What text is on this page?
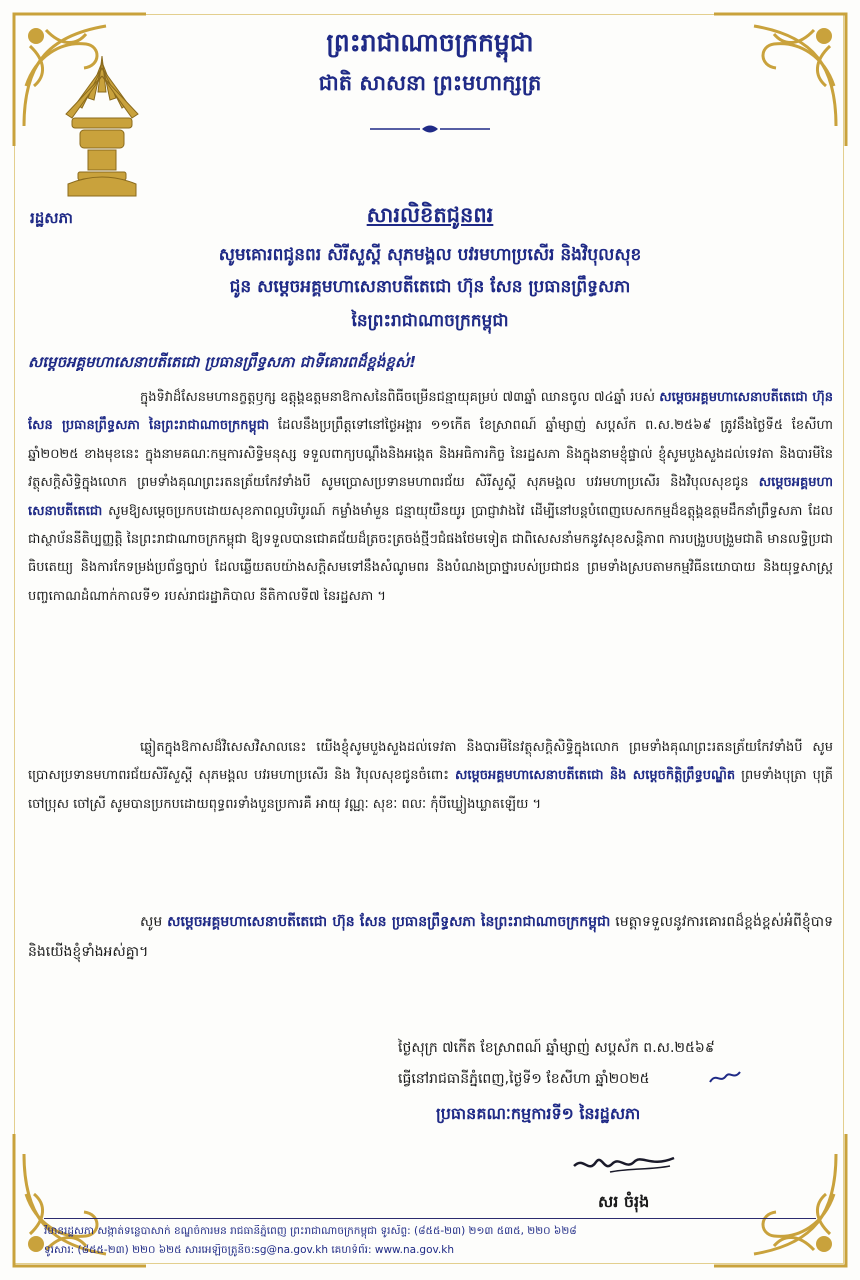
ព្រះរាជាណាចក្រកម្ពុជា
ជាតិ សាសនា ព្រះមហាក្សត្រ
រដ្ឋសភា	សារលិខិតជូនពរ
សូមគោរពជូនពរ សិរីសួស្តី សុភមង្គល បវរមហាប្រសើរ និងវិបុលសុខ
ជូន សម្តេចអគ្គមហាសេនាបតីតេជោ ហ៊ុន សែន ប្រធានព្រឹទ្ធសភា
នៃព្រះរាជាណាចក្រកម្ពុជា
សម្តេចអគ្គមហាសេនាបតីតេជោ ប្រធានព្រឹទ្ធសភា ជាទីគោរពដ៏ខ្ពង់ខ្ពស់!
ក្នុងទិវាដ៏សែនមហានក្ខត្តឫក្ស ឧត្តុង្គឧត្តមនាឱកាសនៃពិធីចម្រើនជន្មាយុគម្រប់ ៧៣ឆ្នាំ ឈានចូល ៧៤ឆ្នាំ របស់ សម្តេចអគ្គមហាសេនាបតីតេជោ ហ៊ុន សែន ប្រធានព្រឹទ្ធសភា នៃព្រះរាជាណាចក្រកម្ពុជា ដែលនឹងប្រព្រឹត្តទៅនៅថ្ងៃអង្គារ ១១កើត ខែស្រាពណ៍ ឆ្នាំម្សាញ់ សប្តស័ក ព.ស.២៥៦៩ ត្រូវនឹងថ្ងៃទី៥ ខែសីហា ឆ្នាំ២០២៥ ខាងមុខនេះ ក្នុងនាមគណៈកម្មការសិទ្ធិមនុស្ស ទទួលពាក្យបណ្តឹងនិងអង្កេត និងអធិការកិច្ច នៃរដ្ឋសភា និងក្នុងនាមខ្ញុំផ្ទាល់ ខ្ញុំសូមបួងសួងដល់ទេវតា និងបារមីនៃវត្ថុសក្តិសិទ្ធិក្នុងលោក ព្រមទាំងគុណព្រះរតនត្រ័យកែវទាំងបី សូមប្រោសប្រទានមហាពរជ័យ សិរីសួស្តី សុភមង្គល បវរមហាប្រសើរ និងវិបុលសុខជូន សម្តេចអគ្គមហាសេនាបតីតេជោ សូមឱ្យសម្តេចប្រកបដោយសុខភាពល្អបរិបូរណ៍ កម្លាំងមាំមួន ជន្មាយុយឺនយូរ ប្រាជ្ញាវាងវៃ ដើម្បីនៅបន្តបំពេញបេសកកម្មដ៏ឧត្តុង្គឧត្តមដឹកនាំព្រឹទ្ធសភា ដែលជាស្ថាប័ននីតិប្បញ្ញត្តិ នៃព្រះរាជាណាចក្រកម្ពុជា ឱ្យទទួលបានជោគជ័យដ៏ត្រចះត្រចង់ថ្មីៗជំផងថែមទៀត ជាពិសេសនាំមកនូវសុខសន្តិភាព ការបង្រួបបង្រួមជាតិ មានលទ្ធិប្រជាធិបតេយ្យ និងការកែទម្រង់ប្រព័ន្ធច្បាប់ ដែលឆ្លើយតបយ៉ាងសក្តិសមទៅនឹងសំណូមពរ និងបំណងប្រាថ្នារបស់ប្រជាជន ព្រមទាំងស្របតាមកម្មវិធីនយោបាយ និងយុទ្ធសាស្ត្របញ្ចកោណដំណាក់កាលទី១ របស់រាជរដ្ឋាភិបាល នីតិកាលទី៧ នៃរដ្ឋសភា ។
ឆ្លៀតក្នុងឱកាសដ៏វិសេសវិសាលនេះ យើងខ្ញុំសូមបួងសួងដល់ទេវតា និងបារមីនៃវត្ថុសក្តិសិទ្ធិក្នុងលោក ព្រមទាំងគុណព្រះរតនត្រ័យកែវទាំងបី សូមប្រោសប្រទានមហាពរជ័យសិរីសួស្តី សុភមង្គល បវរមហាប្រសើរ និង វិបុលសុខជូនចំពោះ សម្តេចអគ្គមហាសេនាបតីតេជោ និង សម្តេចកិត្តិព្រឹទ្ធបណ្ឌិត ព្រមទាំងបុត្រា បុត្រី ចៅប្រុស ចៅស្រី សូមបានប្រកបដោយពុទ្ធពរទាំងបួនប្រការគឺ អាយុ វណ្ណៈ សុខៈ ពលៈ កុំបីឃ្លៀងឃ្លាតឡើយ ។
សូម សម្តេចអគ្គមហាសេនាបតីតេជោ ហ៊ុន សែន ប្រធានព្រឹទ្ធសភា នៃព្រះរាជាណាចក្រកម្ពុជា មេត្តាទទួលនូវការគោរពដ៏ខ្ពង់ខ្ពស់អំពីខ្ញុំបាទ និងយើងខ្ញុំទាំងអស់គ្នា។
ថ្ងៃសុក្រ ៧កើត ខែស្រាពណ៍ ឆ្នាំម្សាញ់ សប្តស័ក ព.ស.២៥៦៩
ធ្វើនៅរាជធានីភ្នំពេញ,ថ្ងៃទី១ ខែសីហា ឆ្នាំ២០២៥
ប្រធានគណៈកម្មការទី១ នៃរដ្ឋសភា
សរ ចំរុង
វិមានរដ្ឋសភា សង្កាត់ទន្លេបាសាក់ ខណ្ឌចំការមន រាជធានីភ្នំពេញ ព្រះរាជាណាចក្រកម្ពុជា ទូរស័ព្ទ: (៨៥៥-២៣) ២១៣ ៥៣៥, ២២០ ៦២៨
ទូរសារ: (៨៥៥-២៣) ២២០ ៦២៥ សារអេឡិចត្រូនិច:sg@na.gov.kh គេហទំព័រ: www.na.gov.kh
